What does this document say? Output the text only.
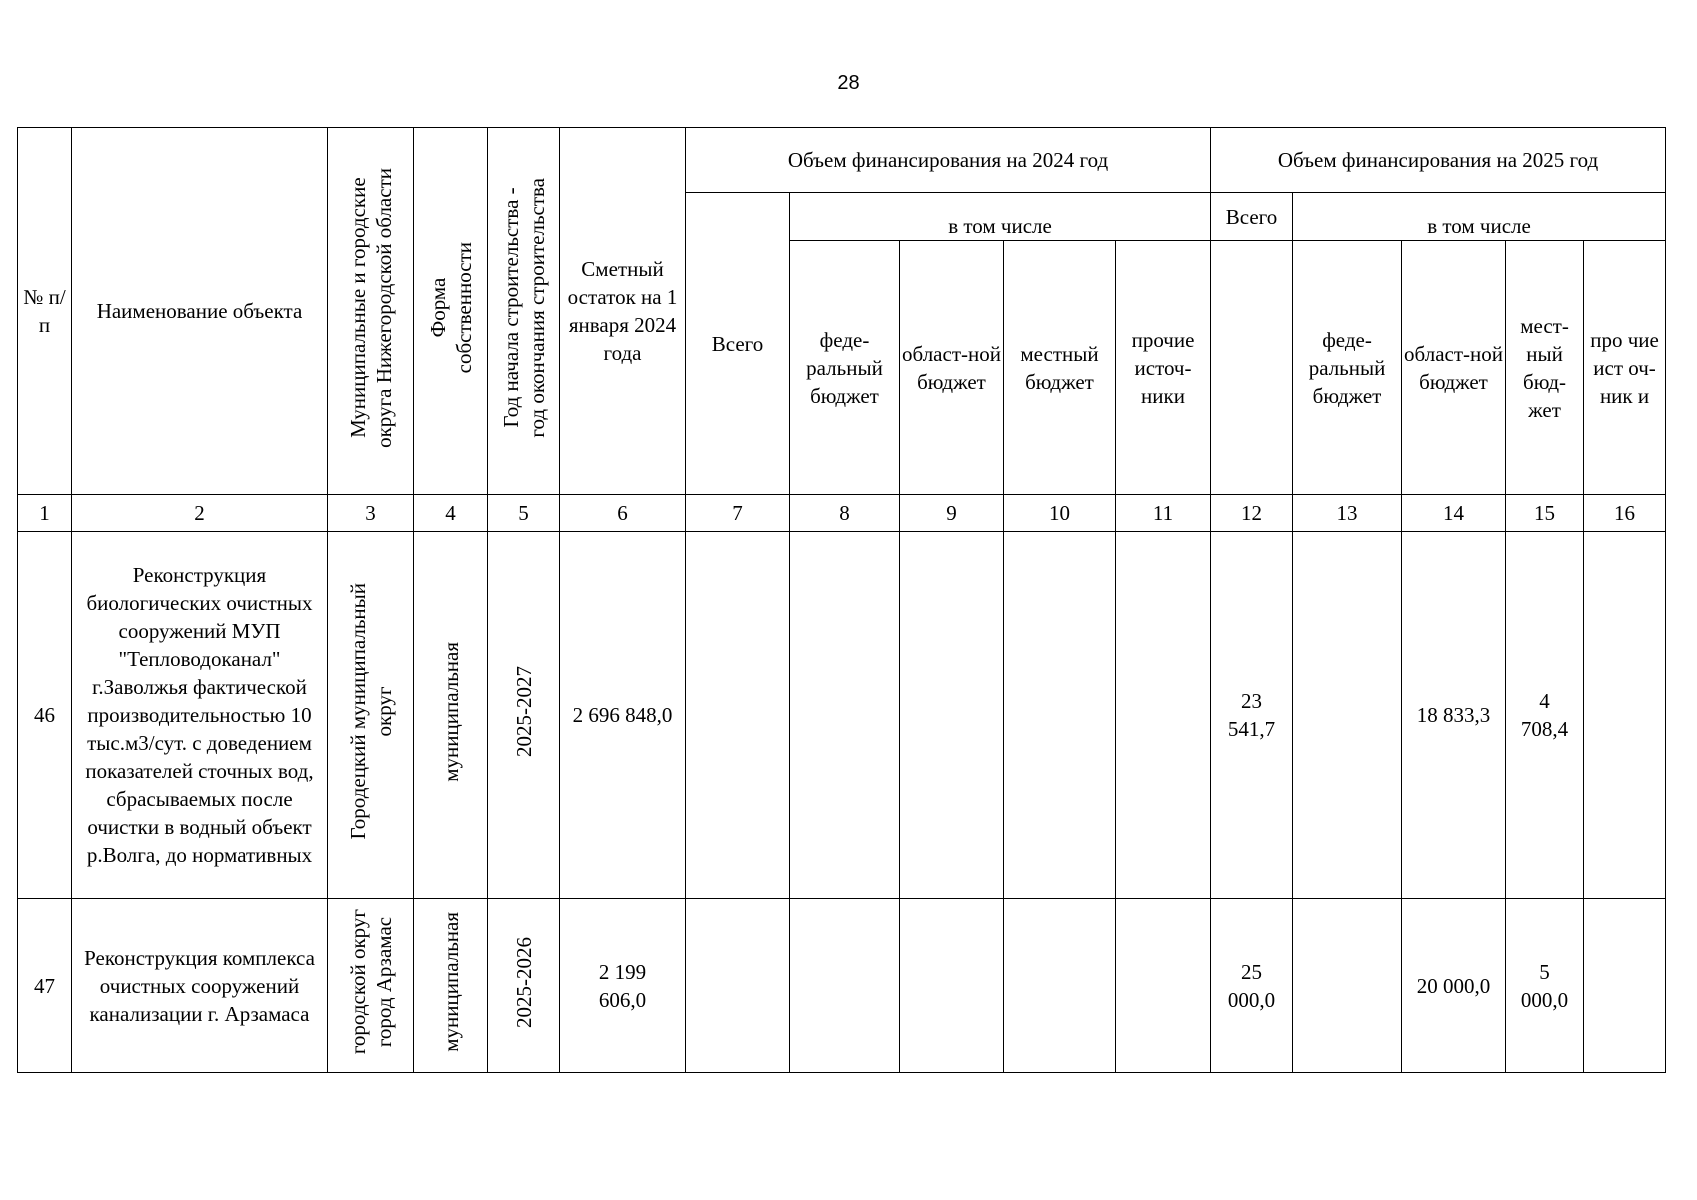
28
№ п/п	Наименование объекта	Муниципальные и городские
округа Нижегородской области	Форма
собственности	Год начала строительства -
год окончания строительства	Сметный остаток на 1 января 2024 года	Объем финансирования на 2024 год					Объем финансирования на 2025 год				
						Всего	в том числе				Всего	в том числе			
							феде-ральный бюджет	област-ной бюджет	местный бюджет	прочие источ-ники		феде-ральный бюджет	област-ной бюджет	мест-ный бюд-жет	про чие ист оч-ник и
1	2	3	4	5	6	7	8	9	10	11	12	13	14	15	16
46	Реконструкция биологических очистных сооружений МУП "Тепловодоканал" г.Заволжья фактической производительностью 10 тыс.м3/сут. с доведением показателей сточных вод, сбрасываемых после очистки в водный объект р.Волга, до нормативных	Городецкий муниципальный
округ	муниципальная	2025-2027	2 696 848,0						23 541,7		18 833,3	4 708,4	
47	Реконструкция комплекса очистных сооружений канализации г. Арзамаса	городской округ
город Арзамас	муниципальная	2025-2026	2 199 606,0						25 000,0		20 000,0	5 000,0	
